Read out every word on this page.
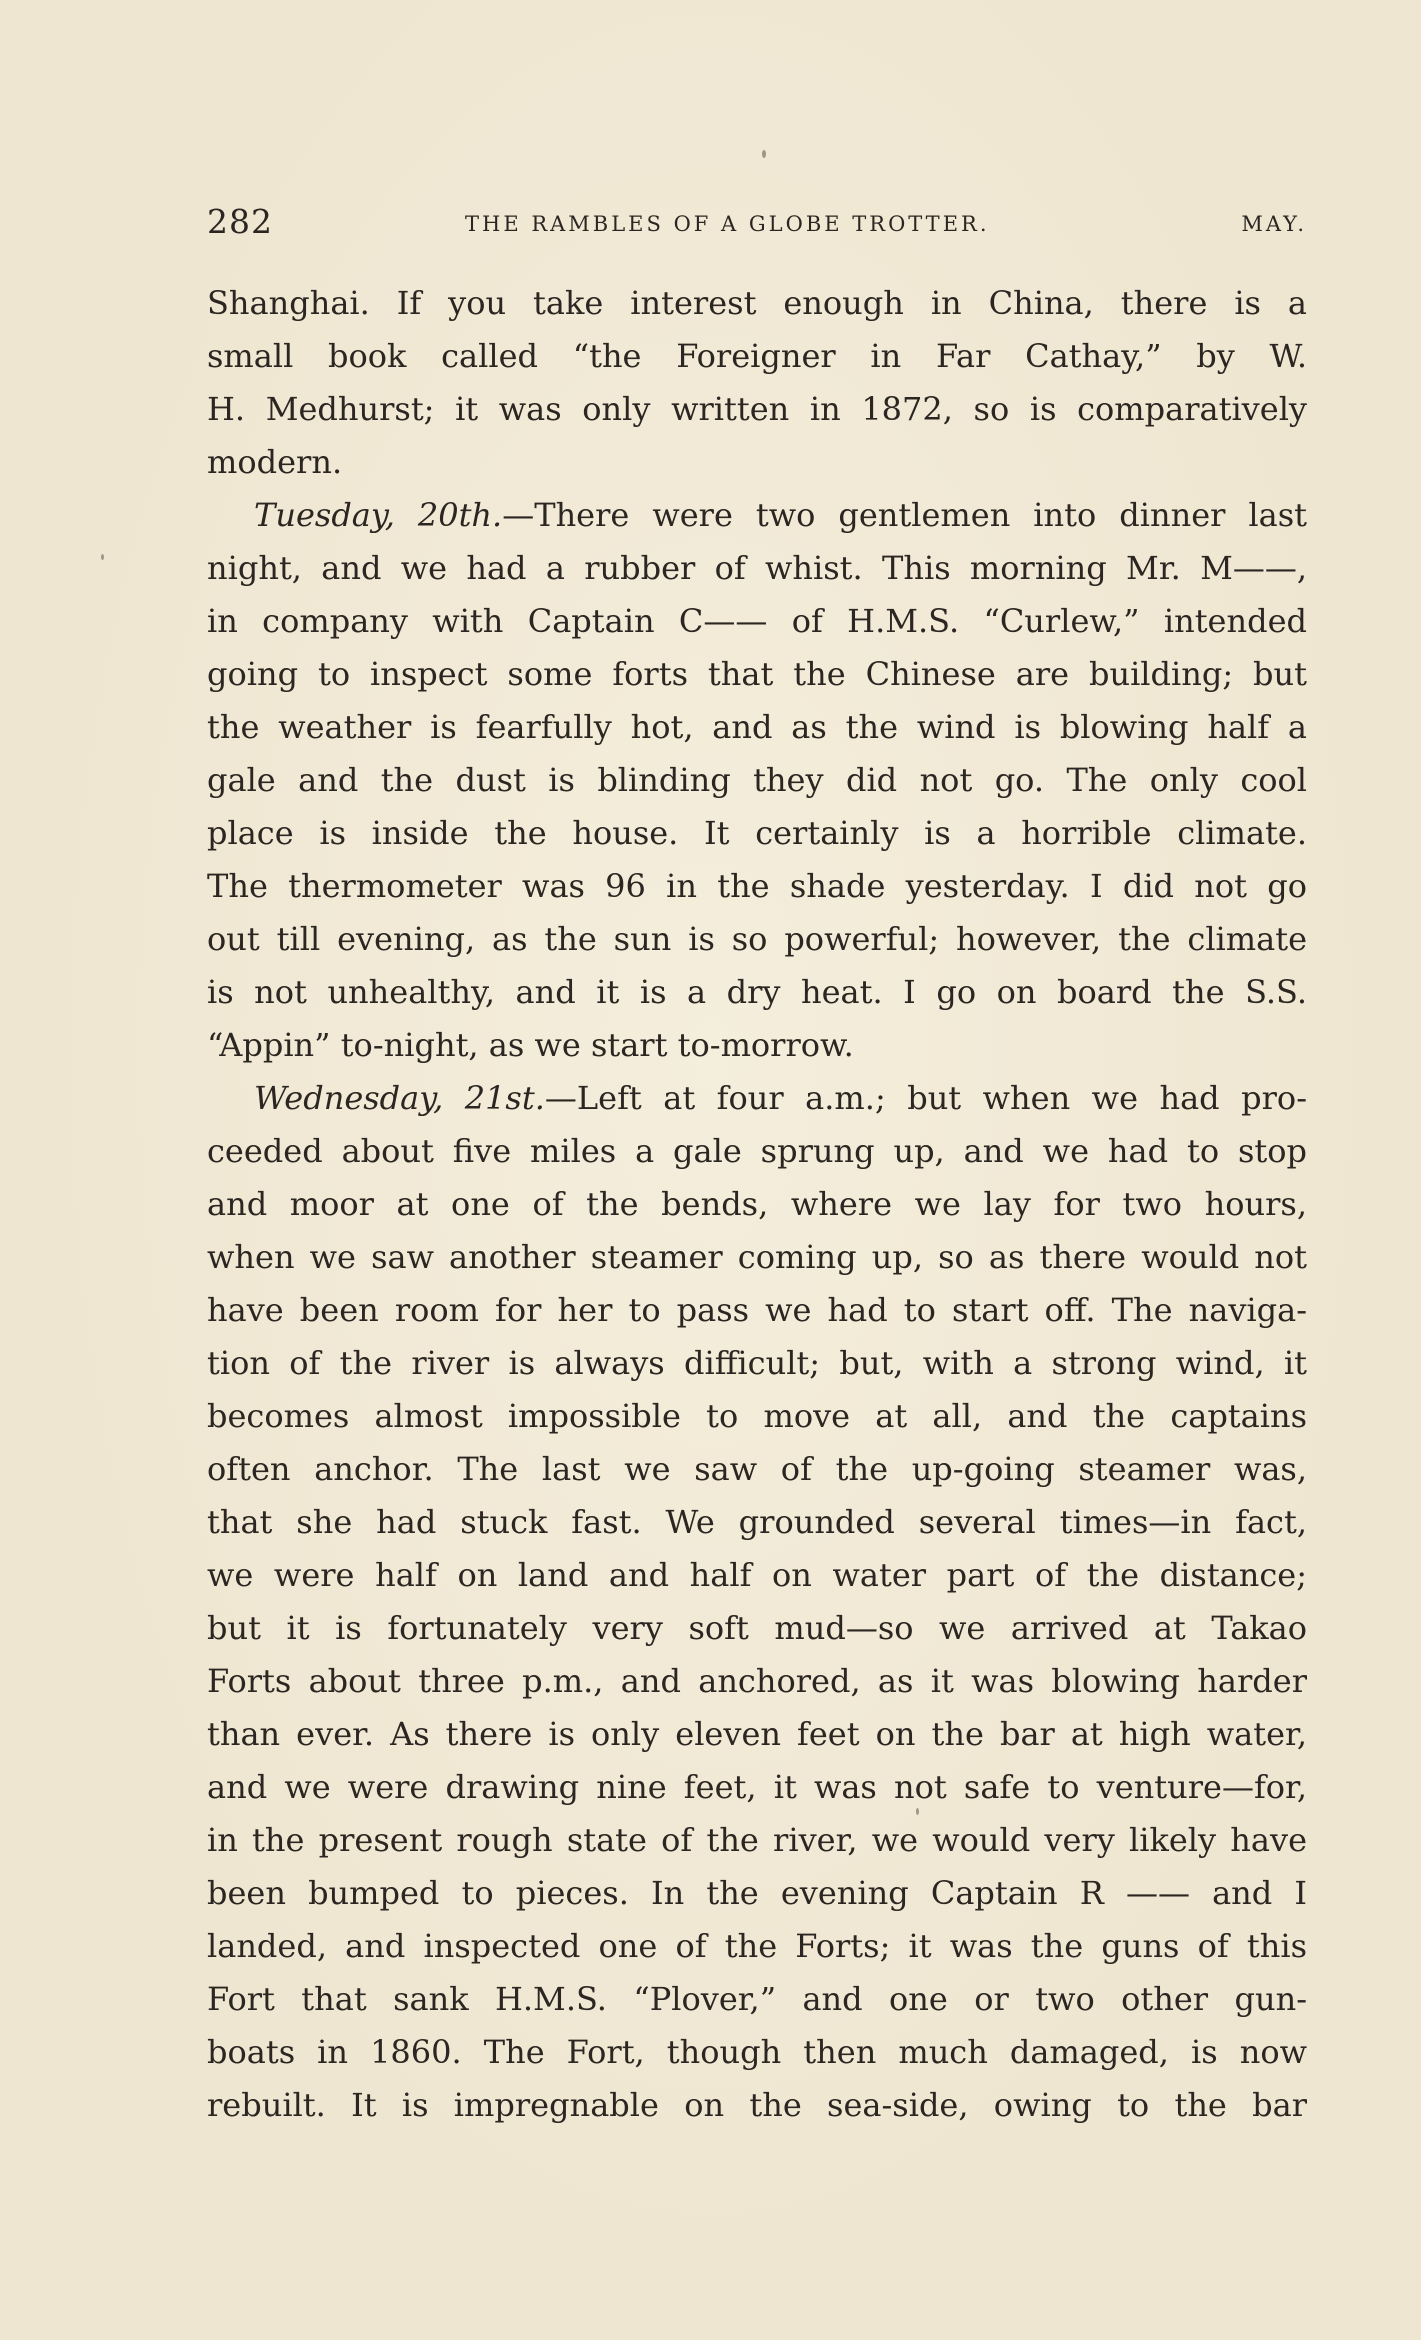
282	THE RAMBLES OF A GLOBE TROTTER.	MAY.
Shanghai. If you take interest enough in China, there is a
small book called “the Foreigner in Far Cathay,” by W.
H. Medhurst; it was only written in 1872, so is comparatively
modern.
Tuesday, 20th.—There were two gentlemen into dinner last
night, and we had a rubber of whist. This morning Mr. M——,
in company with Captain C—— of H.M.S. “Curlew,” intended
going to inspect some forts that the Chinese are building; but
the weather is fearfully hot, and as the wind is blowing half a
gale and the dust is blinding they did not go. The only cool
place is inside the house. It certainly is a horrible climate.
The thermometer was 96 in the shade yesterday. I did not go
out till evening, as the sun is so powerful; however, the climate
is not unhealthy, and it is a dry heat. I go on board the S.S.
“Appin” to-night, as we start to-morrow.
Wednesday, 21st.—Left at four a.m.; but when we had pro-
ceeded about five miles a gale sprung up, and we had to stop
and moor at one of the bends, where we lay for two hours,
when we saw another steamer coming up, so as there would not
have been room for her to pass we had to start off. The naviga-
tion of the river is always difficult; but, with a strong wind, it
becomes almost impossible to move at all, and the captains
often anchor. The last we saw of the up-going steamer was,
that she had stuck fast. We grounded several times—in fact,
we were half on land and half on water part of the distance;
but it is fortunately very soft mud—so we arrived at Takao
Forts about three p.m., and anchored, as it was blowing harder
than ever. As there is only eleven feet on the bar at high water,
and we were drawing nine feet, it was not safe to venture—for,
in the present rough state of the river, we would very likely have
been bumped to pieces. In the evening Captain R —— and I
landed, and inspected one of the Forts; it was the guns of this
Fort that sank H.M.S. “Plover,” and one or two other gun-
boats in 1860. The Fort, though then much damaged, is now
rebuilt. It is impregnable on the sea-side, owing to the bar
